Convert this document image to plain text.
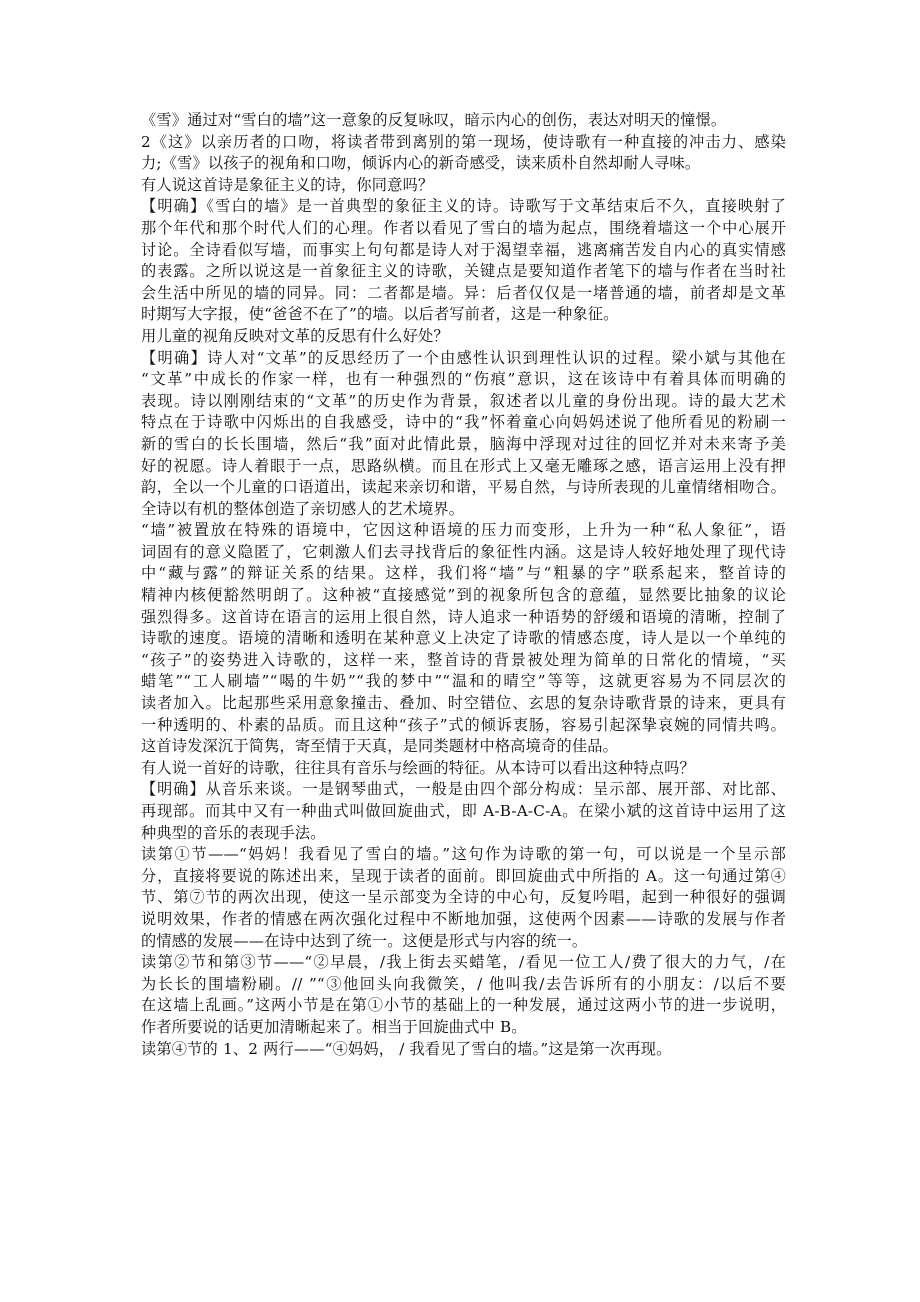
《雪》通过对“雪白的墙”这一意象的反复咏叹，暗示内心的创伤，表达对明天的憧憬。
2《这》以亲历者的口吻，将读者带到离别的第一现场，使诗歌有一种直接的冲击力、感染
力;《雪》以孩子的视角和口吻，倾诉内心的新奇感受，读来质朴自然却耐人寻味。
有人说这首诗是象征主义的诗，你同意吗？
【明确】《雪白的墙》是一首典型的象征主义的诗。诗歌写于文革结束后不久，直接映射了
那个年代和那个时代人们的心理。作者以看见了雪白的墙为起点，围绕着墙这一个中心展开
讨论。全诗看似写墙，而事实上句句都是诗人对于渴望幸福，逃离痛苦发自内心的真实情感
的表露。之所以说这是一首象征主义的诗歌，关键点是要知道作者笔下的墙与作者在当时社
会生活中所见的墙的同异。同：二者都是墙。异：后者仅仅是一堵普通的墙，前者却是文革
时期写大字报，使“爸爸不在了”的墙。以后者写前者，这是一种象征。
用儿童的视角反映对文革的反思有什么好处？
【明确】诗人对“文革”的反思经历了一个由感性认识到理性认识的过程。梁小斌与其他在
“文革”中成长的作家一样，也有一种强烈的“伤痕”意识，这在该诗中有着具体而明确的
表现。诗以刚刚结束的“文革”的历史作为背景，叙述者以儿童的身份出现。诗的最大艺术
特点在于诗歌中闪烁出的自我感受，诗中的“我”怀着童心向妈妈述说了他所看见的粉刷一
新的雪白的长长围墙，然后“我”面对此情此景，脑海中浮现对过往的回忆并对未来寄予美
好的祝愿。诗人着眼于一点，思路纵横。而且在形式上又毫无雕琢之感，语言运用上没有押
韵，全以一个儿童的口语道出，读起来亲切和谐，平易自然，与诗所表现的儿童情绪相吻合。
全诗以有机的整体创造了亲切感人的艺术境界。
“墙”被置放在特殊的语境中，它因这种语境的压力而变形，上升为一种“私人象征”，语
词固有的意义隐匿了，它刺激人们去寻找背后的象征性内涵。这是诗人较好地处理了现代诗
中“藏与露”的辩证关系的结果。这样，我们将“墙”与“粗暴的字”联系起来，整首诗的
精神内核便豁然明朗了。这种被“直接感觉”到的视象所包含的意蕴，显然要比抽象的议论
强烈得多。这首诗在语言的运用上很自然，诗人追求一种语势的舒缓和语境的清晰，控制了
诗歌的速度。语境的清晰和透明在某种意义上决定了诗歌的情感态度，诗人是以一个单纯的
“孩子”的姿势进入诗歌的，这样一来，整首诗的背景被处理为简单的日常化的情境，“买
蜡笔”“工人刷墙”“喝的牛奶”“我的梦中”“温和的晴空”等等，这就更容易为不同层次的
读者加入。比起那些采用意象撞击、叠加、时空错位、玄思的复杂诗歌背景的诗来，更具有
一种透明的、朴素的品质。而且这种“孩子”式的倾诉衷肠，容易引起深挚哀婉的同情共鸣。
这首诗发深沉于简隽，寄至情于天真，是同类题材中格高境奇的佳品。
有人说一首好的诗歌，往往具有音乐与绘画的特征。从本诗可以看出这种特点吗？
【明确】从音乐来谈。一是钢琴曲式，一般是由四个部分构成：呈示部、展开部、对比部、
再现部。而其中又有一种曲式叫做回旋曲式，即 A-B-A-C-A。在梁小斌的这首诗中运用了这
种典型的音乐的表现手法。
读第①节——“妈妈！我看见了雪白的墙。”这句作为诗歌的第一句，可以说是一个呈示部
分，直接将要说的陈述出来，呈现于读者的面前。即回旋曲式中所指的 A。这一句通过第④
节、第⑦节的两次出现，使这一呈示部变为全诗的中心句，反复吟唱，起到一种很好的强调
说明效果，作者的情感在两次强化过程中不断地加强，这使两个因素——诗歌的发展与作者
的情感的发展——在诗中达到了统一。这便是形式与内容的统一。
读第②节和第③节——“②早晨，/我上街去买蜡笔，/看见一位工人/费了很大的力气，/在
为长长的围墙粉刷。// ”“③他回头向我微笑，/ 他叫我/去告诉所有的小朋友：/以后不要
在这墙上乱画。”这两小节是在第①小节的基础上的一种发展，通过这两小节的进一步说明，
作者所要说的话更加清晰起来了。相当于回旋曲式中 B。
读第④节的 1、2 两行——“④妈妈， / 我看见了雪白的墙。”这是第一次再现。
